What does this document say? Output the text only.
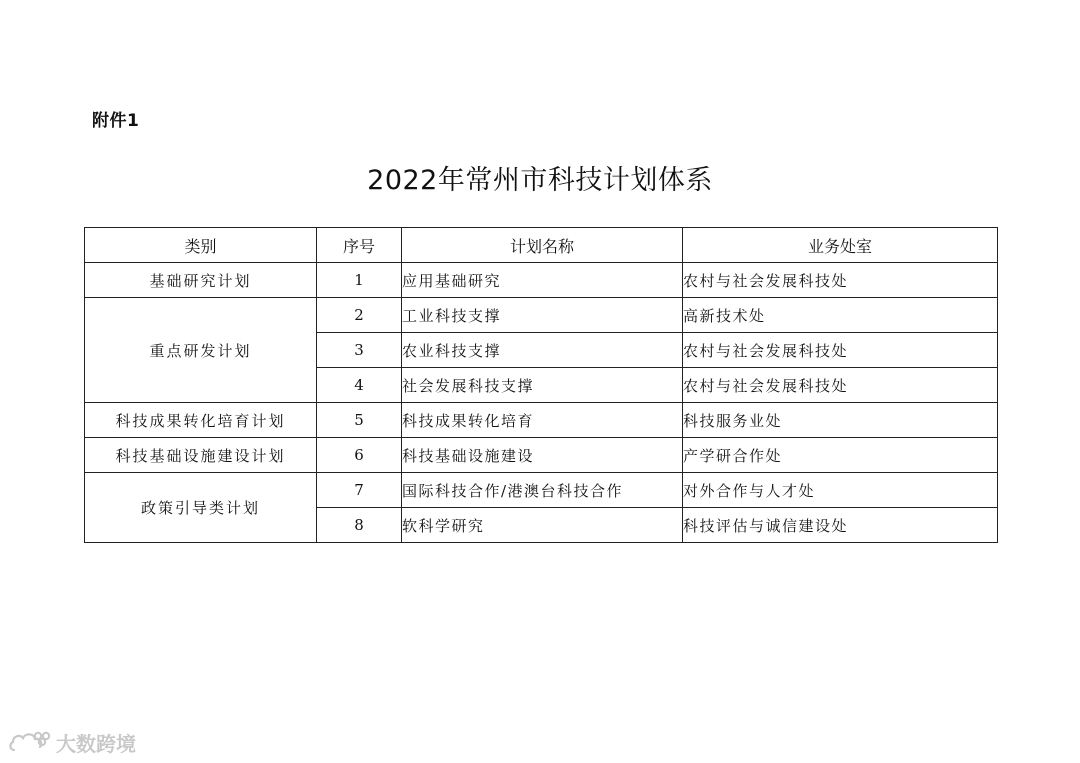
附件1
2022年常州市科技计划体系
类别	序号	计划名称	业务处室
基础研究计划	1	应用基础研究	农村与社会发展科技处
重点研发计划	2	工业科技支撑	高新技术处
	3	农业科技支撑	农村与社会发展科技处
	4	社会发展科技支撑	农村与社会发展科技处
科技成果转化培育计划	5	科技成果转化培育	科技服务业处
科技基础设施建设计划	6	科技基础设施建设	产学研合作处
政策引导类计划	7	国际科技合作/港澳台科技合作	对外合作与人才处
	8	软科学研究	科技评估与诚信建设处
大数跨境
